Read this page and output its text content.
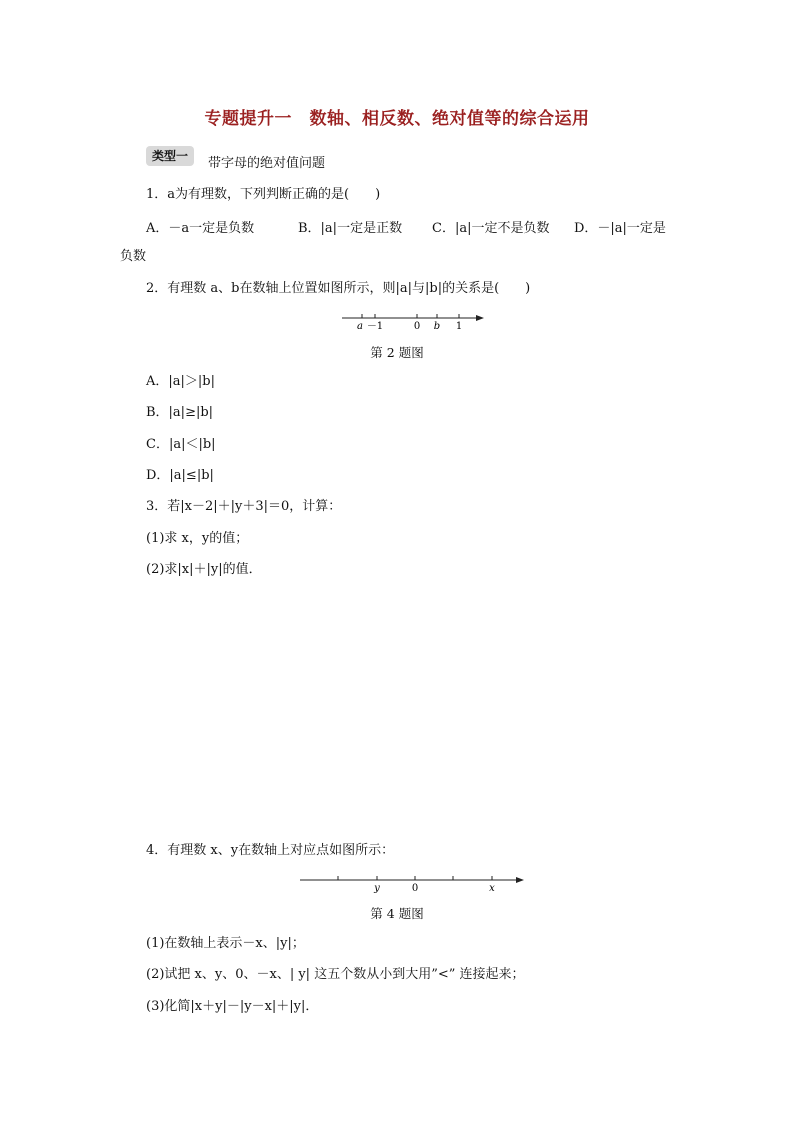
专题提升一　数轴、相反数、绝对值等的综合运用
类型一	带字母的绝对值问题
1．a为有理数，下列判断正确的是(　　)
A．－a一定是负数	B．|a|一定是正数 C．|a|一定不是负数 D．－|a|一定是
负数
2．有理数 a、b在数轴上位置如图所示，则|a|与|b|的关系是(　　)
a －1	0 b 1
第 2 题图
A．|a|＞|b|
B．|a|≥|b|
C．|a|＜|b|
D．|a|≤|b|
3．若|x－2|＋|y＋3|＝0，计算：
(1)求 x，y的值；
(2)求|x|＋|y|的值．
4．有理数 x、y在数轴上对应点如图所示：
y	0	x
第 4 题图
(1)在数轴上表示－x、|y|；
(2)试把 x、y、0、－x、| y| 这五个数从小到大用”<” 连接起来；
(3)化简|x＋y|－|y－x|＋|y|．
